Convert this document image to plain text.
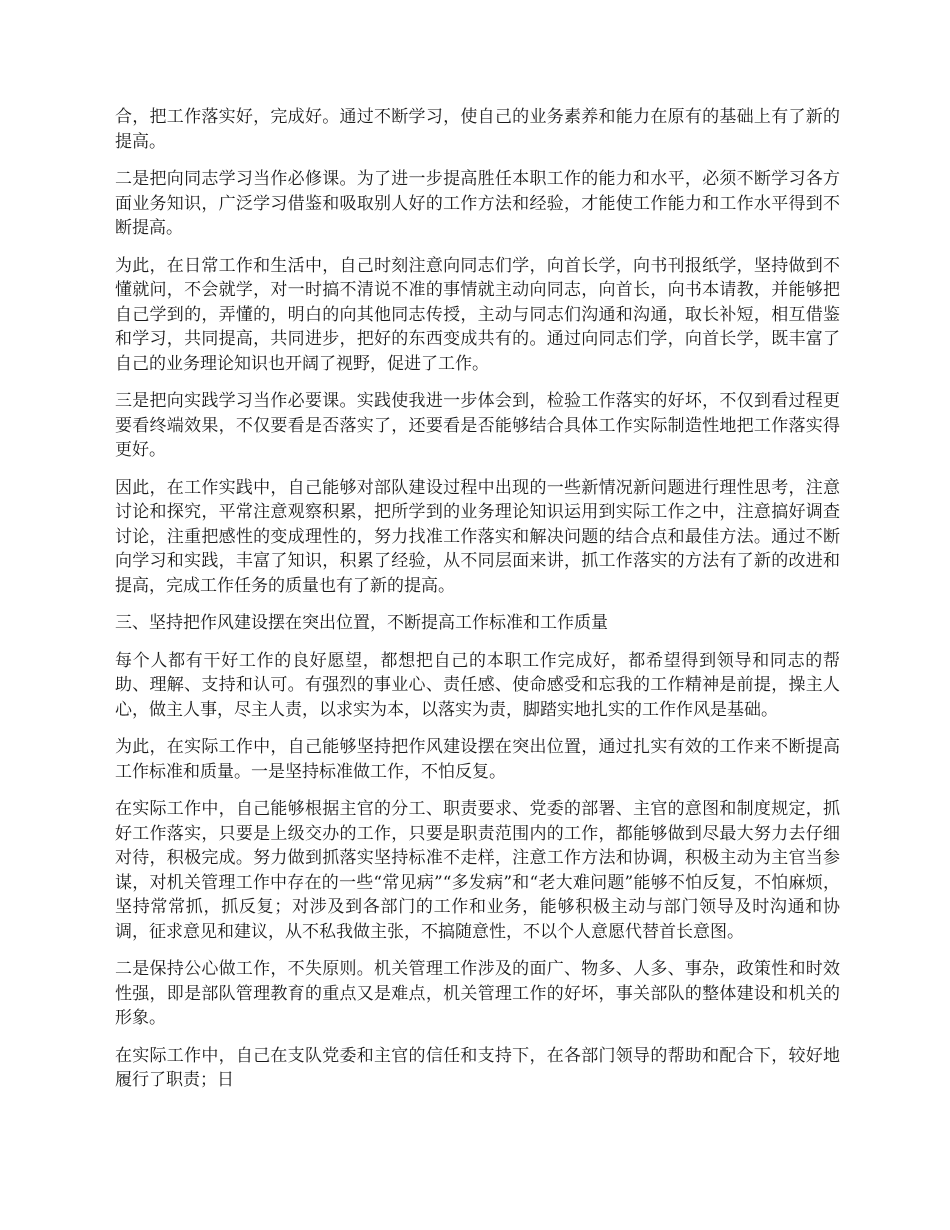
合，把工作落实好，完成好。通过不断学习，使自己的业务素养和能力在原有的基础上有了新的提高。

二是把向同志学习当作必修课。为了进一步提高胜任本职工作的能力和水平，必须不断学习各方面业务知识，广泛学习借鉴和吸取别人好的工作方法和经验，才能使工作能力和工作水平得到不断提高。

为此，在日常工作和生活中，自己时刻注意向同志们学，向首长学，向书刊报纸学，坚持做到不懂就问，不会就学，对一时搞不清说不准的事情就主动向同志，向首长，向书本请教，并能够把自己学到的，弄懂的，明白的向其他同志传授，主动与同志们沟通和沟通，取长补短，相互借鉴和学习，共同提高，共同进步，把好的东西变成共有的。通过向同志们学，向首长学，既丰富了自己的业务理论知识也开阔了视野，促进了工作。

三是把向实践学习当作必要课。实践使我进一步体会到，检验工作落实的好坏，不仅到看过程更要看终端效果，不仅要看是否落实了，还要看是否能够结合具体工作实际制造性地把工作落实得更好。

因此，在工作实践中，自己能够对部队建设过程中出现的一些新情况新问题进行理性思考，注意讨论和探究，平常注意观察积累，把所学到的业务理论知识运用到实际工作之中，注意搞好调查讨论，注重把感性的变成理性的，努力找准工作落实和解决问题的结合点和最佳方法。通过不断向学习和实践，丰富了知识，积累了经验，从不同层面来讲，抓工作落实的方法有了新的改进和提高，完成工作任务的质量也有了新的提高。

三、坚持把作风建设摆在突出位置，不断提高工作标准和工作质量

每个人都有干好工作的良好愿望，都想把自己的本职工作完成好，都希望得到领导和同志的帮助、理解、支持和认可。有强烈的事业心、责任感、使命感受和忘我的工作精神是前提，操主人心，做主人事，尽主人责，以求实为本，以落实为责，脚踏实地扎实的工作作风是基础。

为此，在实际工作中，自己能够坚持把作风建设摆在突出位置，通过扎实有效的工作来不断提高工作标准和质量。一是坚持标准做工作，不怕反复。

在实际工作中，自己能够根据主官的分工、职责要求、党委的部署、主官的意图和制度规定，抓好工作落实，只要是上级交办的工作，只要是职责范围内的工作，都能够做到尽最大努力去仔细对待，积极完成。努力做到抓落实坚持标准不走样，注意工作方法和协调，积极主动为主官当参谋，对机关管理工作中存在的一些“常见病”“多发病”和“老大难问题”能够不怕反复，不怕麻烦，坚持常常抓，抓反复；对涉及到各部门的工作和业务，能够积极主动与部门领导及时沟通和协调，征求意见和建议，从不私我做主张，不搞随意性，不以个人意愿代替首长意图。

二是保持公心做工作，不失原则。机关管理工作涉及的面广、物多、人多、事杂，政策性和时效性强，即是部队管理教育的重点又是难点，机关管理工作的好坏，事关部队的整体建设和机关的形象。

在实际工作中，自己在支队党委和主官的信任和支持下，在各部门领导的帮助和配合下，较好地履行了职责；日
